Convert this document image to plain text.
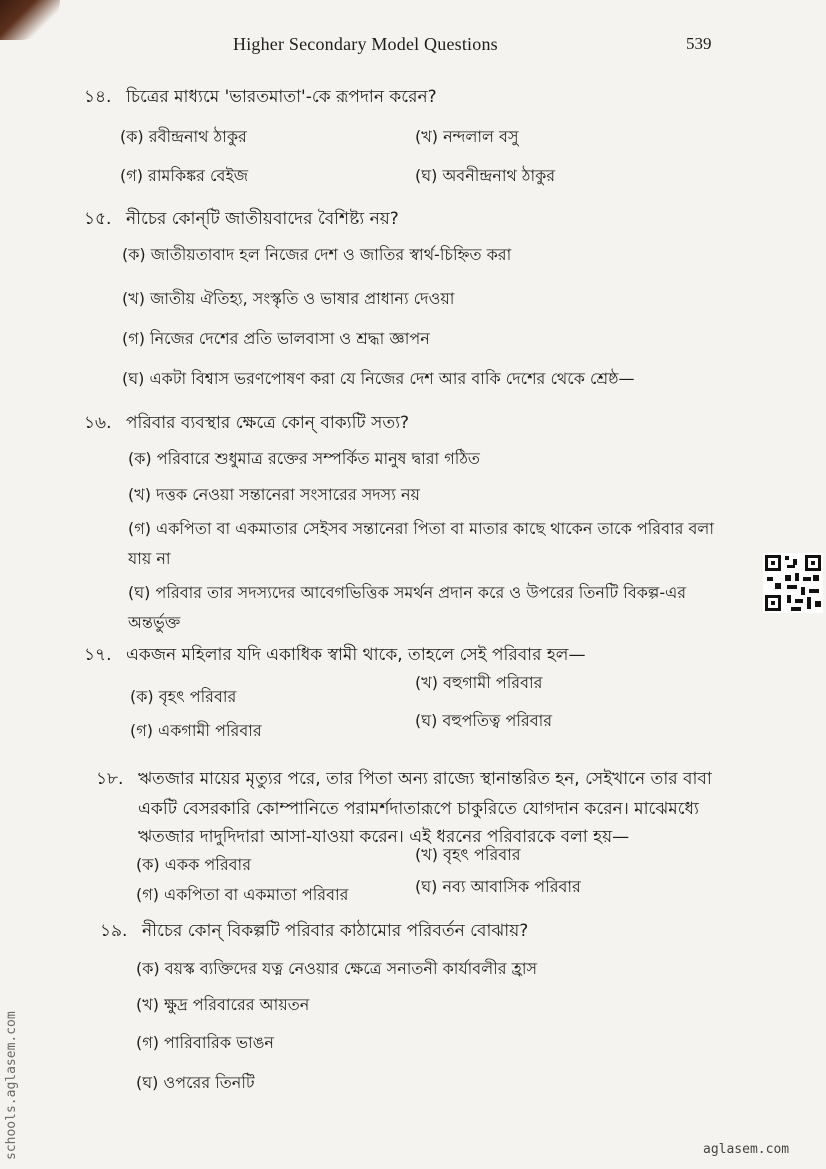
Higher Secondary Model Questions	539
১৪. চিত্রের মাধ্যমে 'ভারতমাতা'-কে রূপদান করেন?
(ক) রবীন্দ্রনাথ ঠাকুর	(খ) নন্দলাল বসু
(গ) রামকিঙ্কর বেইজ	(ঘ) অবনীন্দ্রনাথ ঠাকুর
১৫. নীচের কোন্‌টি জাতীয়বাদের বৈশিষ্ট্য নয়?
(ক) জাতীয়তাবাদ হল নিজের দেশ ও জাতির স্বার্থ-চিহ্নিত করা
(খ) জাতীয় ঐতিহ্য, সংস্কৃতি ও ভাষার প্রাধান্য দেওয়া
(গ) নিজের দেশের প্রতি ভালবাসা ও শ্রদ্ধা জ্ঞাপন
(ঘ) একটা বিশ্বাস ভরণপোষণ করা যে নিজের দেশ আর বাকি দেশের থেকে শ্রেষ্ঠ—
১৬. পরিবার ব্যবস্থার ক্ষেত্রে কোন্‌ বাক্যটি সত্য?
(ক) পরিবারে শুধুমাত্র রক্তের সম্পর্কিত মানুষ দ্বারা গঠিত
(খ) দত্তক নেওয়া সন্তানেরা সংসারের সদস্য নয়
(গ) একপিতা বা একমাতার সেইসব সন্তানেরা পিতা বা মাতার কাছে থাকেন তাকে পরিবার বলা যায় না
(ঘ) পরিবার তার সদস্যদের আবেগভিত্তিক সমর্থন প্রদান করে ও উপরের তিনটি বিকল্প-এর অন্তর্ভুক্ত
১৭. একজন মহিলার যদি একাধিক স্বামী থাকে, তাহলে সেই পরিবার হল—
(ক) বৃহৎ পরিবার
(খ) বহুগামী পরিবার
(গ) একগামী পরিবার
(ঘ) বহুপতিত্ব পরিবার
১৮. ঋতজার মায়ের মৃত্যুর পরে, তার পিতা অন্য রাজ্যে স্থানান্তরিত হন, সেইখানে তার বাবা
একটি বেসরকারি কোম্পানিতে পরামর্শদাতারূপে চাকুরিতে যোগদান করেন। মাঝেমধ্যে
ঋতজার দাদুদিদারা আসা-যাওয়া করেন। এই ধরনের পরিবারকে বলা হয়—
(ক) একক পরিবার
(খ) বৃহৎ পরিবার
(গ) একপিতা বা একমাতা পরিবার	(ঘ) নব্য আবাসিক পরিবার
১৯. নীচের কোন্‌ বিকল্পটি পরিবার কাঠামোর পরিবর্তন বোঝায়?
(ক) বয়স্ক ব্যক্তিদের যত্ন নেওয়ার ক্ষেত্রে সনাতনী কার্যাবলীর হ্রাস
(খ) ক্ষুদ্র পরিবারের আয়তন
(গ) পারিবারিক ভাঙন
(ঘ) ওপরের তিনটি
schools.aglasem.com	aglasem.com
